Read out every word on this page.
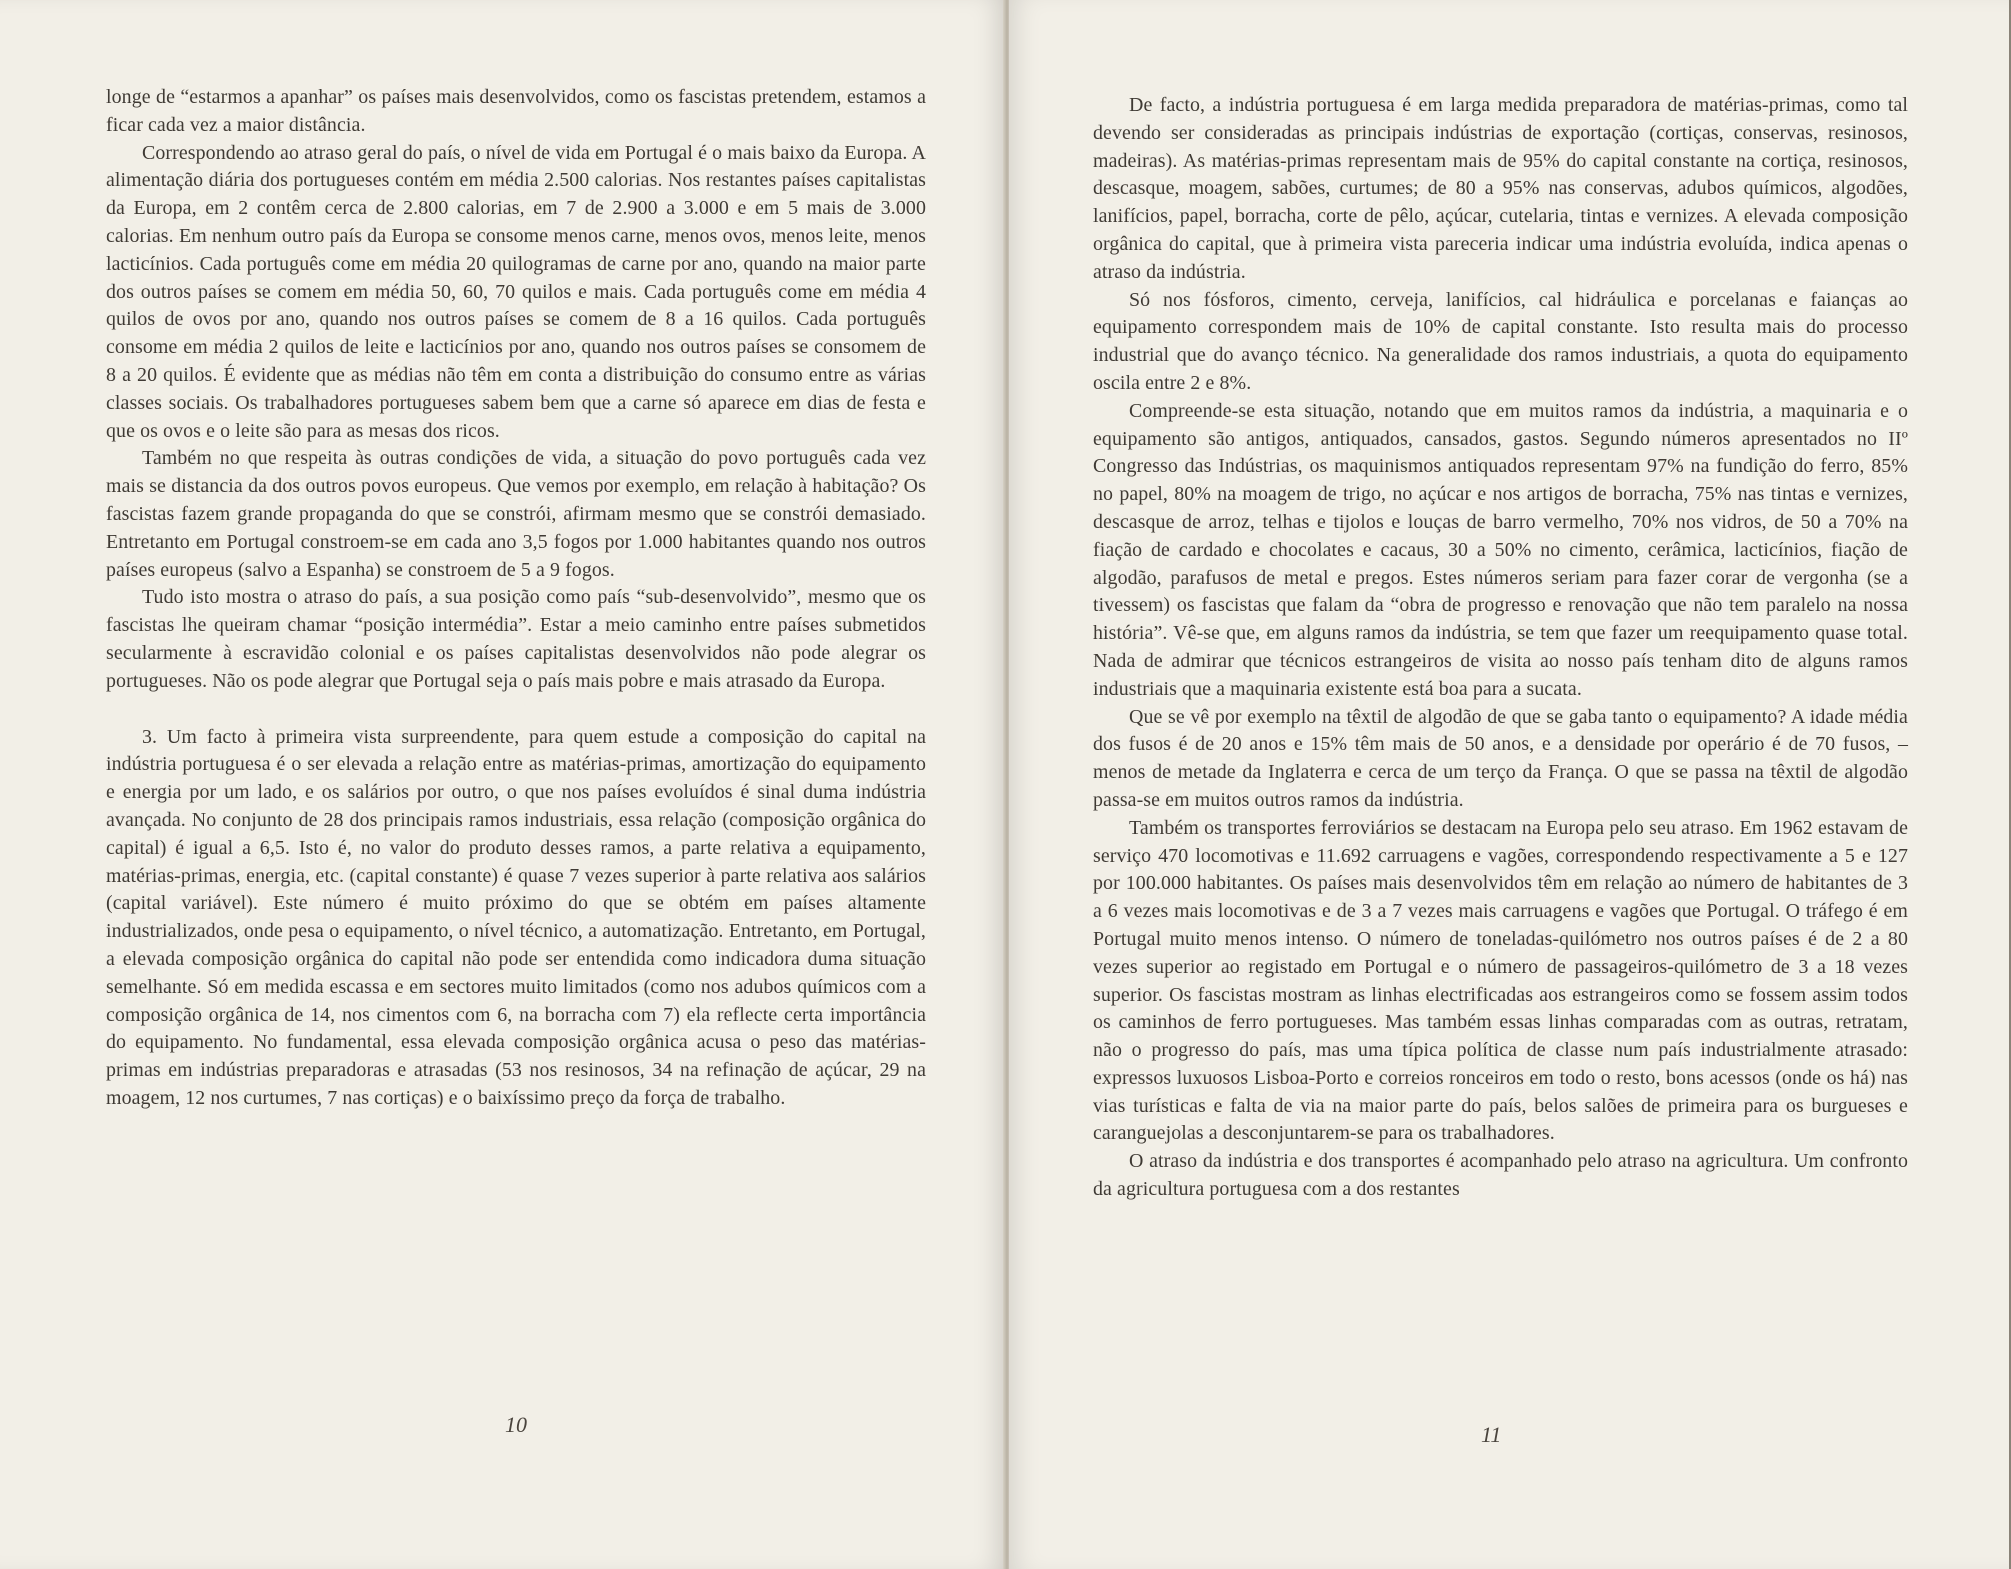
longe de “estarmos a apanhar” os países mais desenvolvidos, como os fascistas pretendem, estamos a ficar cada vez a maior distância.

Correspondendo ao atraso geral do país, o nível de vida em Portugal é o mais baixo da Europa. A alimentação diária dos portugueses contém em média 2.500 calorias. Nos restantes países capitalistas da Europa, em 2 contêm cerca de 2.800 calorias, em 7 de 2.900 a 3.000 e em 5 mais de 3.000 calorias. Em nenhum outro país da Europa se consome menos carne, menos ovos, menos leite, menos lacticínios. Cada português come em média 20 quilogramas de carne por ano, quando na maior parte dos outros países se comem em média 50, 60, 70 quilos e mais. Cada português come em média 4 quilos de ovos por ano, quando nos outros países se comem de 8 a 16 quilos. Cada português consome em média 2 quilos de leite e lacticínios por ano, quando nos outros países se consomem de 8 a 20 quilos. É evidente que as médias não têm em conta a distribuição do consumo entre as várias classes sociais. Os trabalhadores portugueses sabem bem que a carne só aparece em dias de festa e que os ovos e o leite são para as mesas dos ricos.

Também no que respeita às outras condições de vida, a situação do povo português cada vez mais se distancia da dos outros povos europeus. Que vemos por exemplo, em relação à habitação? Os fascistas fazem grande propaganda do que se constrói, afirmam mesmo que se constrói demasiado. Entretanto em Portugal constroem-se em cada ano 3,5 fogos por 1.000 habitantes quando nos outros países europeus (salvo a Espanha) se constroem de 5 a 9 fogos.

Tudo isto mostra o atraso do país, a sua posição como país “sub-desenvolvido”, mesmo que os fascistas lhe queiram chamar “posição intermédia”. Estar a meio caminho entre países submetidos secularmente à escravidão colonial e os países capitalistas desenvolvidos não pode alegrar os portugueses. Não os pode alegrar que Portugal seja o país mais pobre e mais atrasado da Europa.

3. Um facto à primeira vista surpreendente, para quem estude a composição do capital na indústria portuguesa é o ser elevada a relação entre as matérias-primas, amortização do equipamento e energia por um lado, e os salários por outro, o que nos países evoluídos é sinal duma indústria avançada. No conjunto de 28 dos principais ramos industriais, essa relação (composição orgânica do capital) é igual a 6,5. Isto é, no valor do produto desses ramos, a parte relativa a equipamento, matérias-primas, energia, etc. (capital constante) é quase 7 vezes superior à parte relativa aos salários (capital variável). Este número é muito próximo do que se obtém em países altamente industrializados, onde pesa o equipamento, o nível técnico, a automatização. Entretanto, em Portugal, a elevada composição orgânica do capital não pode ser entendida como indicadora duma situação semelhante. Só em medida escassa e em sectores muito limitados (como nos adubos químicos com a composição orgânica de 14, nos cimentos com 6, na borracha com 7) ela reflecte certa importância do equipamento. No fundamental, essa elevada composição orgânica acusa o peso das matérias-primas em indústrias preparadoras e atrasadas (53 nos resinosos, 34 na refinação de açúcar, 29 na moagem, 12 nos curtumes, 7 nas cortiças) e o baixíssimo preço da força de trabalho.

10

De facto, a indústria portuguesa é em larga medida preparadora de matérias-primas, como tal devendo ser consideradas as principais indústrias de exportação (cortiças, conservas, resinosos, madeiras). As matérias-primas representam mais de 95% do capital constante na cortiça, resinosos, descasque, moagem, sabões, curtumes; de 80 a 95% nas conservas, adubos químicos, algodões, lanifícios, papel, borracha, corte de pêlo, açúcar, cutelaria, tintas e vernizes. A elevada composição orgânica do capital, que à primeira vista pareceria indicar uma indústria evoluída, indica apenas o atraso da indústria.

Só nos fósforos, cimento, cerveja, lanifícios, cal hidráulica e porcelanas e faianças ao equipamento correspondem mais de 10% de capital constante. Isto resulta mais do processo industrial que do avanço técnico. Na generalidade dos ramos industriais, a quota do equipamento oscila entre 2 e 8%.

Compreende-se esta situação, notando que em muitos ramos da indústria, a maquinaria e o equipamento são antigos, antiquados, cansados, gastos. Segundo números apresentados no IIº Congresso das Indústrias, os maquinismos antiquados representam 97% na fundição do ferro, 85% no papel, 80% na moagem de trigo, no açúcar e nos artigos de borracha, 75% nas tintas e vernizes, descasque de arroz, telhas e tijolos e louças de barro vermelho, 70% nos vidros, de 50 a 70% na fiação de cardado e chocolates e cacaus, 30 a 50% no cimento, cerâmica, lacticínios, fiação de algodão, parafusos de metal e pregos. Estes números seriam para fazer corar de vergonha (se a tivessem) os fascistas que falam da “obra de progresso e renovação que não tem paralelo na nossa história”. Vê-se que, em alguns ramos da indústria, se tem que fazer um reequipamento quase total. Nada de admirar que técnicos estrangeiros de visita ao nosso país tenham dito de alguns ramos industriais que a maquinaria existente está boa para a sucata.

Que se vê por exemplo na têxtil de algodão de que se gaba tanto o equipamento? A idade média dos fusos é de 20 anos e 15% têm mais de 50 anos, e a densidade por operário é de 70 fusos, – menos de metade da Inglaterra e cerca de um terço da França. O que se passa na têxtil de algodão passa-se em muitos outros ramos da indústria.

Também os transportes ferroviários se destacam na Europa pelo seu atraso. Em 1962 estavam de serviço 470 locomotivas e 11.692 carruagens e vagões, correspondendo respectivamente a 5 e 127 por 100.000 habitantes. Os países mais desenvolvidos têm em relação ao número de habitantes de 3 a 6 vezes mais locomotivas e de 3 a 7 vezes mais carruagens e vagões que Portugal. O tráfego é em Portugal muito menos intenso. O número de toneladas-quilómetro nos outros países é de 2 a 80 vezes superior ao registado em Portugal e o número de passageiros-quilómetro de 3 a 18 vezes superior. Os fascistas mostram as linhas electrificadas aos estrangeiros como se fossem assim todos os caminhos de ferro portugueses. Mas também essas linhas comparadas com as outras, retratam, não o progresso do país, mas uma típica política de classe num país industrialmente atrasado: expressos luxuosos Lisboa-Porto e correios ronceiros em todo o resto, bons acessos (onde os há) nas vias turísticas e falta de via na maior parte do país, belos salões de primeira para os burgueses e caranguejolas a desconjuntarem-se para os trabalhadores.

O atraso da indústria e dos transportes é acompanhado pelo atraso na agricultura. Um confronto da agricultura portuguesa com a dos restantes

11
